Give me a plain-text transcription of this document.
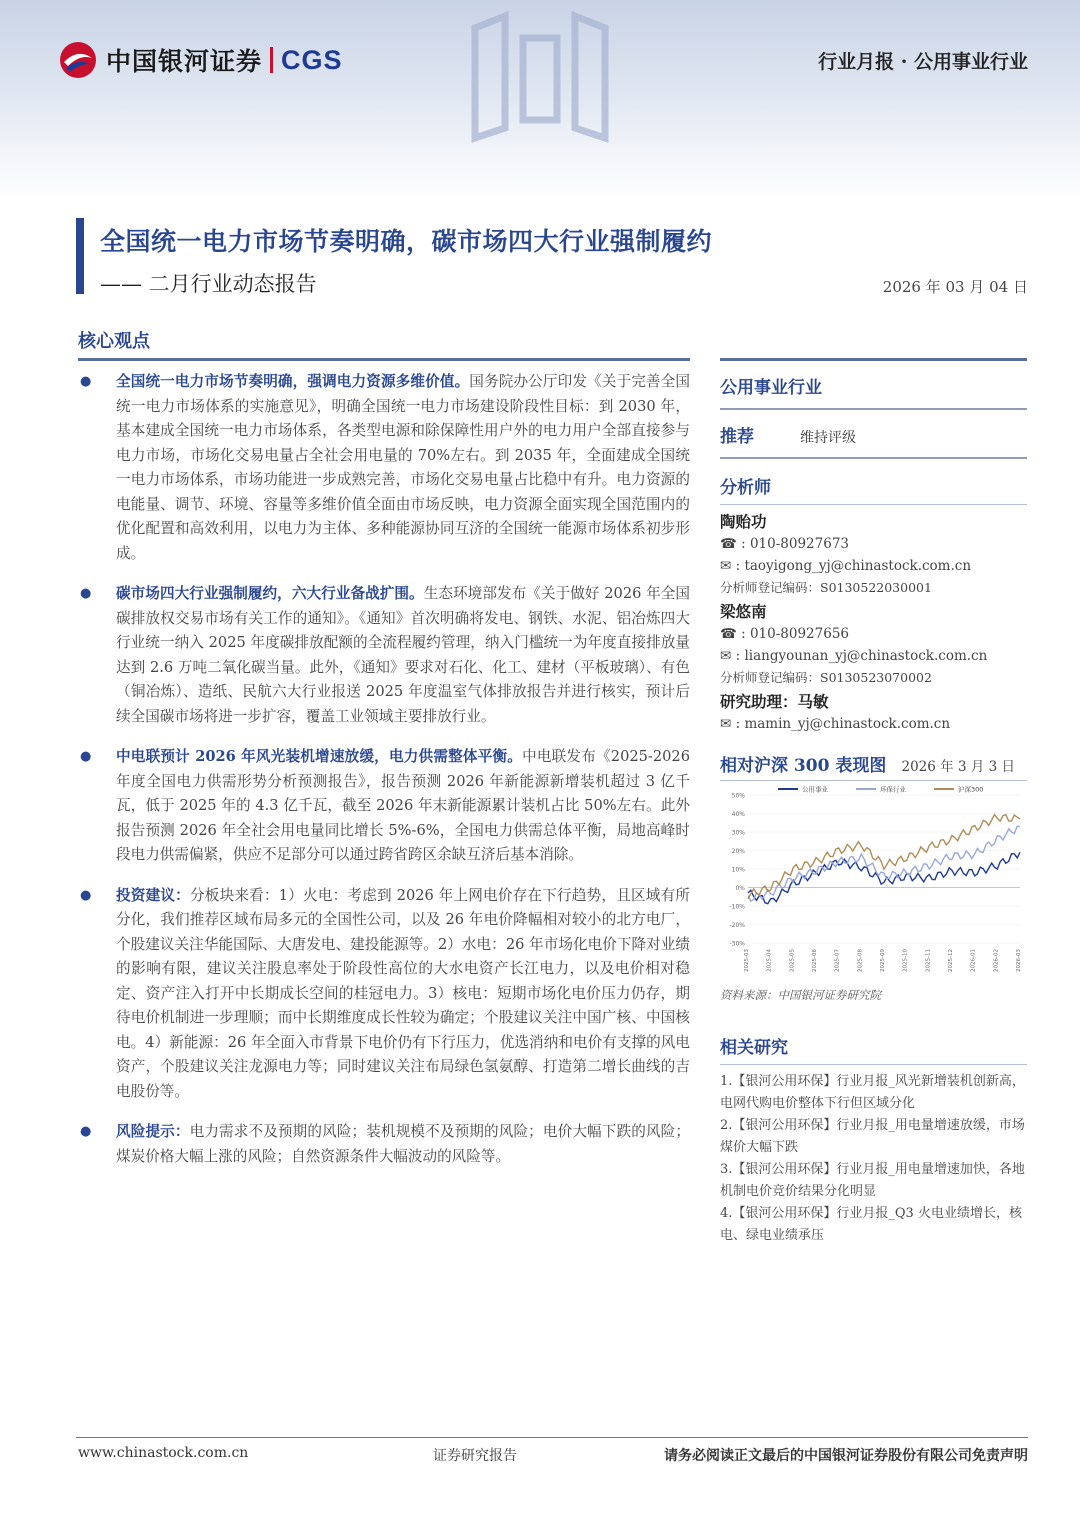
中国银河证券 CGS	行业月报 · 公用事业行业
全国统一电力市场节奏明确，碳市场四大行业强制履约
—— 二月行业动态报告	2026 年 03 月 04 日
核心观点
● 全国统一电力市场节奏明确，强调电力资源多维价值。国务院办公厅印发《关于完善全国统一电力市场体系的实施意见》，明确全国统一电力市场建设阶段性目标：到 2030 年，基本建成全国统一电力市场体系，各类型电源和除保障性用户外的电力用户全部直接参与电力市场，市场化交易电量占全社会用电量的 70%左右。到 2035 年，全面建成全国统一电力市场体系，市场功能进一步成熟完善，市场化交易电量占比稳中有升。电力资源的电能量、调节、环境、容量等多维价值全面由市场反映，电力资源全面实现全国范围内的优化配置和高效利用，以电力为主体、多种能源协同互济的全国统一能源市场体系初步形成。
● 碳市场四大行业强制履约，六大行业备战扩围。生态环境部发布《关于做好 2026 年全国碳排放权交易市场有关工作的通知》。《通知》首次明确将发电、钢铁、水泥、铝冶炼四大行业统一纳入 2025 年度碳排放配额的全流程履约管理，纳入门槛统一为年度直接排放量达到 2.6 万吨二氧化碳当量。此外，《通知》要求对石化、化工、建材（平板玻璃）、有色（铜冶炼）、造纸、民航六大行业报送 2025 年度温室气体排放报告并进行核实，预计后续全国碳市场将进一步扩容，覆盖工业领域主要排放行业。
● 中电联预计 2026 年风光装机增速放缓，电力供需整体平衡。中电联发布《2025-2026 年度全国电力供需形势分析预测报告》，报告预测 2026 年新能源新增装机超过 3 亿千瓦，低于 2025 年的 4.3 亿千瓦，截至 2026 年末新能源累计装机占比 50%左右。此外报告预测 2026 年全社会用电量同比增长 5%-6%，全国电力供需总体平衡，局地高峰时段电力供需偏紧，供应不足部分可以通过跨省跨区余缺互济后基本消除。
● 投资建议：分板块来看：1）火电：考虑到 2026 年上网电价存在下行趋势，且区域有所分化，我们推荐区域布局多元的全国性公司，以及 26 年电价降幅相对较小的北方电厂，个股建议关注华能国际、大唐发电、建投能源等。2）水电：26 年市场化电价下降对业绩的影响有限，建议关注股息率处于阶段性高位的大水电资产长江电力，以及电价相对稳定、资产注入打开中长期成长空间的桂冠电力。3）核电：短期市场化电价压力仍存，期待电价机制进一步理顺；而中长期维度成长性较为确定；个股建议关注中国广核、中国核电。4）新能源：26 年全面入市背景下电价仍有下行压力，优选消纳和电价有支撑的风电资产，个股建议关注龙源电力等；同时建议关注布局绿色氢氨醇、打造第二增长曲线的吉电股份等。
● 风险提示：电力需求不及预期的风险；装机规模不及预期的风险；电价大幅下跌的风险；煤炭价格大幅上涨的风险；自然资源条件大幅波动的风险等。
公用事业行业
推荐	维持评级
分析师
陶贻功
☎ : 010-80927673
✉ : taoyigong_yj@chinastock.com.cn
分析师登记编码：S0130522030001
梁悠南
☎ : 010-80927656
✉ : liangyounan_yj@chinastock.com.cn
分析师登记编码：S0130523070002
研究助理：马敏
✉ : mamin_yj@chinastock.com.cn
相对沪深 300 表现图 2026 年 3 月 3 日
50%
40%
30%
20%
10%
0%
-10%
-20%
-30%
2025-03	2025-04	2025-05	2025-06	2025-07	2025-08	2025-09	2025-10	2025-11	2025-12	2026-01	2026-02	2026-03
公用事业	环保行业	沪深300
资料来源：中国银河证券研究院
相关研究
1.【银河公用环保】行业月报_风光新增装机创新高，电网代购电价整体下行但区域分化
2.【银河公用环保】行业月报_用电量增速放缓，市场煤价大幅下跌
3.【银河公用环保】行业月报_用电量增速加快，各地机制电价竞价结果分化明显
4.【银河公用环保】行业月报_Q3 火电业绩增长，核电、绿电业绩承压
www.chinastock.com.cn	证券研究报告	请务必阅读正文最后的中国银河证券股份有限公司免责声明
